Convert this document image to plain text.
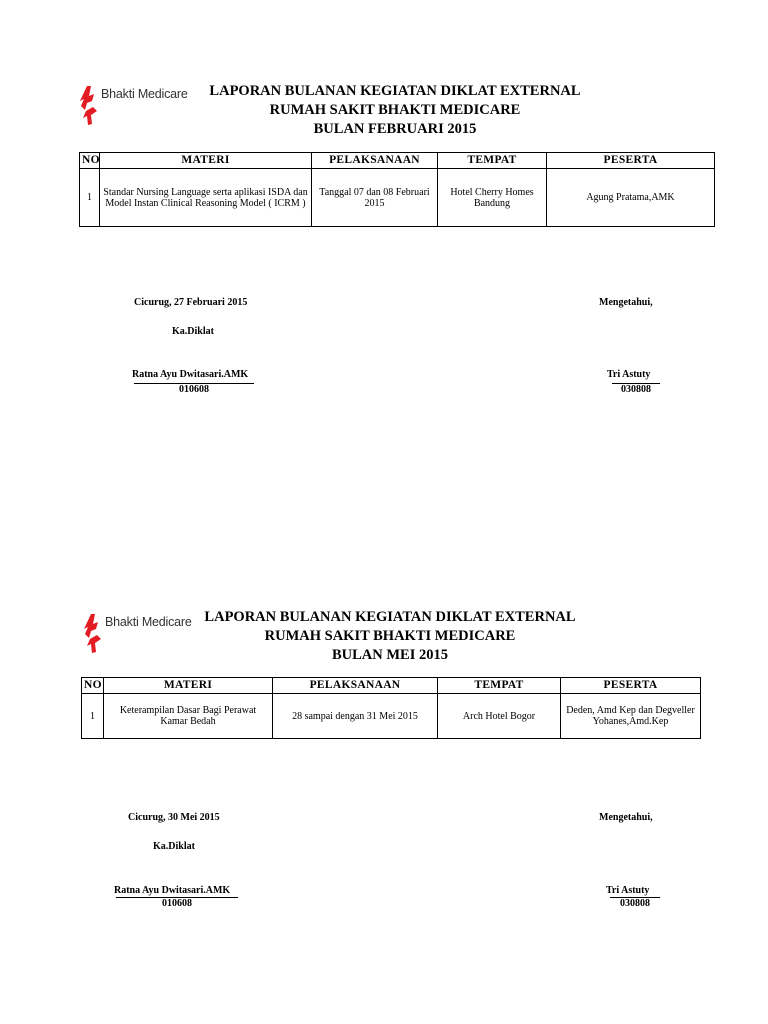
Bhakti Medicare	LAPORAN BULANAN KEGIATAN DIKLAT EXTERNAL
RUMAH SAKIT BHAKTI MEDICARE
BULAN FEBRUARI 2015
NO	MATERI	PELAKSANAAN	TEMPAT	PESERTA
1	Standar Nursing Language serta aplikasi ISDA dan Model Instan Clinical Reasoning Model ( ICRM )	Tanggal 07 dan 08 Februari 2015	Hotel Cherry Homes Bandung	Agung Pratama,AMK
Cicurug, 27 Februari 2015
Ka.Diklat
Ratna Ayu Dwitasari.AMK
010608
Mengetahui,
Tri Astuty
030808
Bhakti Medicare LAPORAN BULANAN KEGIATAN DIKLAT EXTERNAL
RUMAH SAKIT BHAKTI MEDICARE
BULAN MEI 2015
NO	MATERI	PELAKSANAAN	TEMPAT	PESERTA
1	Keterampilan Dasar Bagi Perawat Kamar Bedah	28 sampai dengan 31 Mei 2015	Arch Hotel Bogor	Deden, Amd Kep dan Degveller Yohanes,Amd.Kep
Cicurug, 30 Mei 2015
Ka.Diklat
Ratna Ayu Dwitasari.AMK
010608
Mengetahui,
Tri Astuty
030808
